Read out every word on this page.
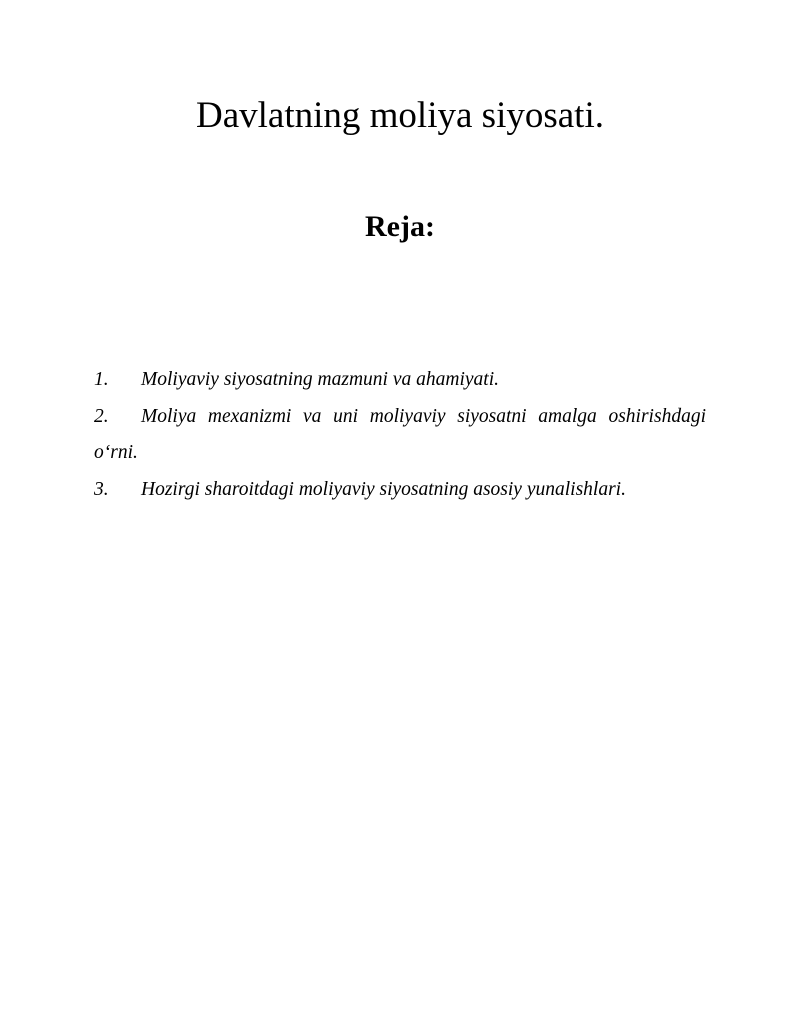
Davlatning moliya siyosati.
Reja:
1. Moliyaviy siyosatning mazmuni va ahamiyati.
2. Moliya mexanizmi va uni moliyaviy siyosatni amalga oshirishdagi o‘rni.
3. Hozirgi sharoitdagi moliyaviy siyosatning asosiy yunalishlari.
